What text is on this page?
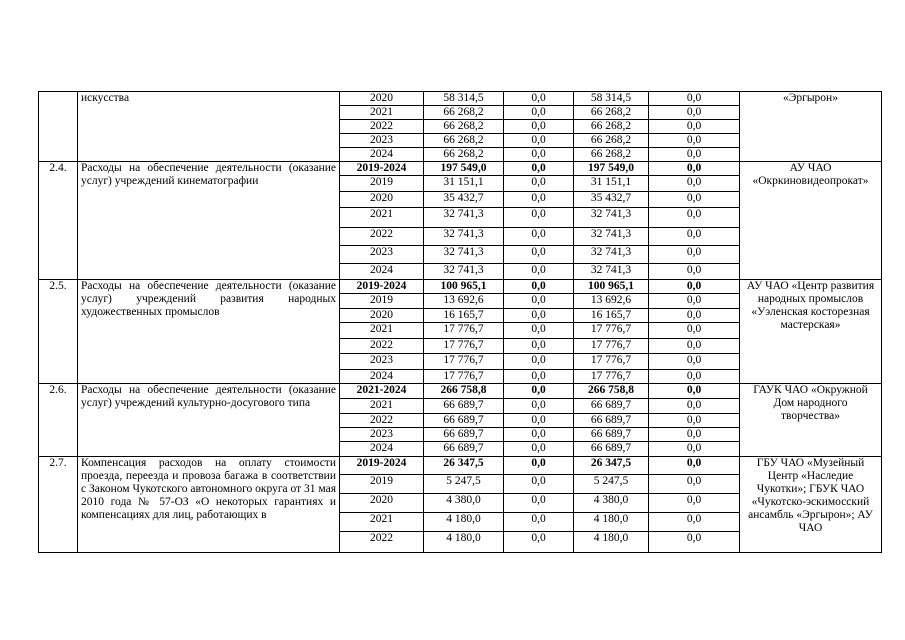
	искусства	2020	58 314,5	0,0	58 314,5	0,0	«Эргырон»
		2021	66 268,2	0,0	66 268,2	0,0	
		2022	66 268,2	0,0	66 268,2	0,0	
		2023	66 268,2	0,0	66 268,2	0,0	
		2024	66 268,2	0,0	66 268,2	0,0	
2.4.	Расходы на обеспечение деятельности (оказание услуг) учреждений кинематографии	2019-2024	197 549,0	0,0	197 549,0	0,0	АУ ЧАО «Окркиновидеопрокат»
		2019	31 151,1	0,0	31 151,1	0,0	
		2020	35 432,7	0,0	35 432,7	0,0	
		2021	32 741,3	0,0	32 741,3	0,0	
		2022	32 741,3	0,0	32 741,3	0,0	
		2023	32 741,3	0,0	32 741,3	0,0	
		2024	32 741,3	0,0	32 741,3	0,0	
2.5.	Расходы на обеспечение деятельности (оказание услуг) учреждений развития народных художественных промыслов	2019-2024	100 965,1	0,0	100 965,1	0,0	АУ ЧАО «Центр развития народных промыслов «Уэленская косторезная мастерская»
		2019	13 692,6	0,0	13 692,6	0,0	
		2020	16 165,7	0,0	16 165,7	0,0	
		2021	17 776,7	0,0	17 776,7	0,0	
		2022	17 776,7	0,0	17 776,7	0,0	
		2023	17 776,7	0,0	17 776,7	0,0	
		2024	17 776,7	0,0	17 776,7	0,0	
2.6.	Расходы на обеспечение деятельности (оказание услуг) учреждений культурно-досугового типа	2021-2024	266 758,8	0,0	266 758,8	0,0	ГАУК ЧАО «Окружной Дом народного творчества»
		2021	66 689,7	0,0	66 689,7	0,0	
		2022	66 689,7	0,0	66 689,7	0,0	
		2023	66 689,7	0,0	66 689,7	0,0	
		2024	66 689,7	0,0	66 689,7	0,0	
2.7.	Компенсация расходов на оплату стоимости проезда, переезда и провоза багажа в соответствии с Законом Чукотского автономного округа от 31 мая 2010 года № 57-ОЗ «О некоторых гарантиях и компенсациях для лиц, работающих в	2019-2024	26 347,5	0,0	26 347,5	0,0	ГБУ ЧАО «Музейный Центр «Наследие Чукотки»; ГБУК ЧАО «Чукотско-эскимосский ансамбль «Эргырон»; АУ ЧАО
		2019	5 247,5	0,0	5 247,5	0,0	
		2020	4 380,0	0,0	4 380,0	0,0	
		2021	4 180,0	0,0	4 180,0	0,0	
		2022	4 180,0	0,0	4 180,0	0,0	
